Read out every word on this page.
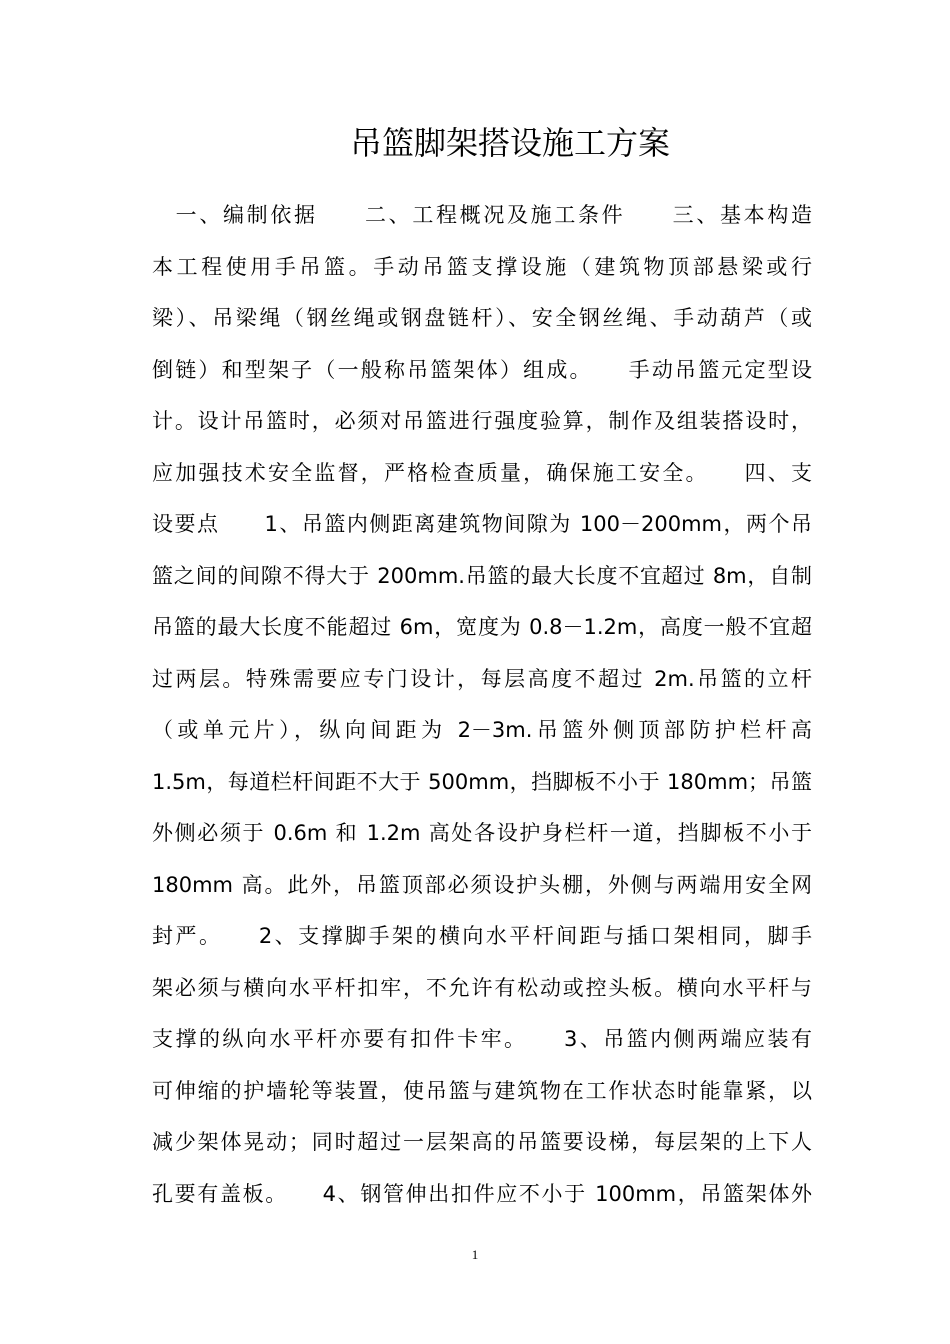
吊篮脚架搭设施工方案
　一、编制依据　　二、工程概况及施工条件　　三、基本构造
本工程使用手吊篮。手动吊篮支撑设施（建筑物顶部悬梁或行
梁）、吊梁绳（钢丝绳或钢盘链杆）、安全钢丝绳、手动葫芦（或
倒链）和型架子（一般称吊篮架体）组成。　　手动吊篮元定型设
计。设计吊篮时，必须对吊篮进行强度验算，制作及组装搭设时，
应加强技术安全监督，严格检查质量，确保施工安全。　　四、支
设要点　　1、吊篮内侧距离建筑物间隙为 100－200mm，两个吊
篮之间的间隙不得大于 200mm.吊篮的最大长度不宜超过 8m，自制
吊篮的最大长度不能超过 6m，宽度为 0.8－1.2m，高度一般不宜超
过两层。特殊需要应专门设计，每层高度不超过 2m.吊篮的立杆
（或单元片），纵向间距为 2－3m.吊篮外侧顶部防护栏杆高
1.5m，每道栏杆间距不大于 500mm，挡脚板不小于 180mm；吊篮
外侧必须于 0.6m 和 1.2m 高处各设护身栏杆一道，挡脚板不小于
180mm 高。此外，吊篮顶部必须设护头棚，外侧与两端用安全网
封严。　　2、支撑脚手架的横向水平杆间距与插口架相同，脚手
架必须与横向水平杆扣牢，不允许有松动或控头板。横向水平杆与
支撑的纵向水平杆亦要有扣件卡牢。　　3、吊篮内侧两端应装有
可伸缩的护墙轮等装置，使吊篮与建筑物在工作状态时能靠紧，以
减少架体晃动；同时超过一层架高的吊篮要设梯，每层架的上下人
孔要有盖板。　　4、钢管伸出扣件应不小于 100mm，吊篮架体外
1
